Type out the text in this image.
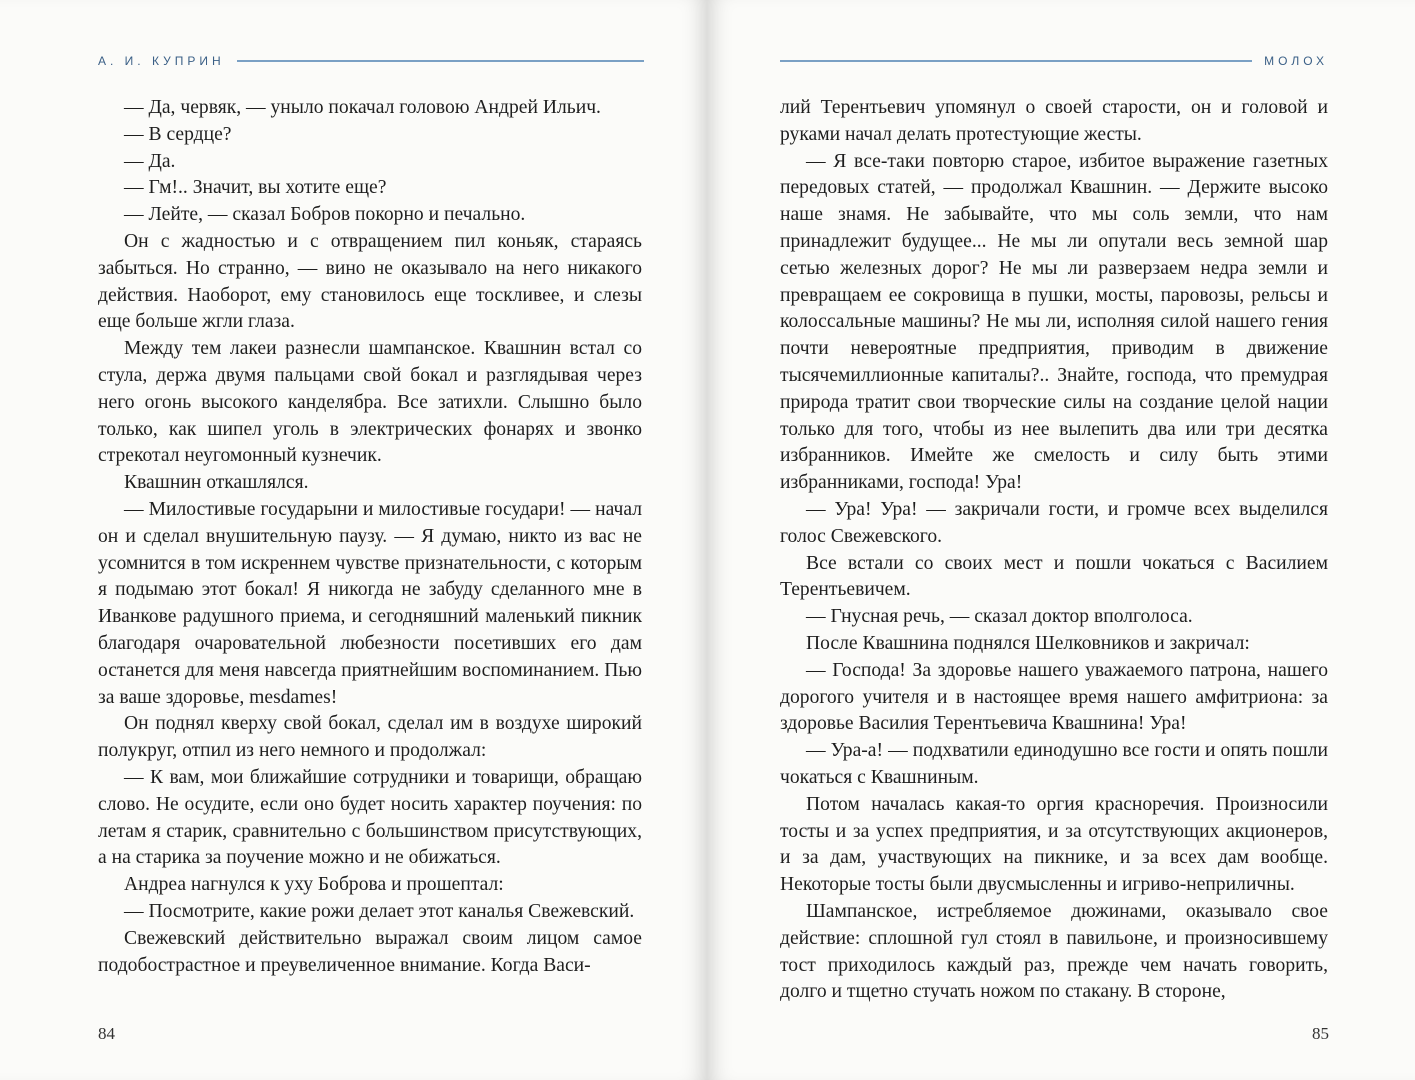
А. И. КУПРИН

— Да, червяк, — уныло покачал головою Андрей Ильич.

— В сердце?

— Да.

— Гм!.. Значит, вы хотите еще?

— Лейте, — сказал Бобров покорно и печально.

Он с жадностью и с отвращением пил коньяк, стараясь забыться. Но странно, — вино не оказывало на него никакого действия. Наоборот, ему становилось еще тоскливее, и слезы еще больше жгли глаза.

Между тем лакеи разнесли шампанское. Квашнин встал со стула, держа двумя пальцами свой бокал и разглядывая через него огонь высокого канделябра. Все затихли. Слышно было только, как шипел уголь в электрических фонарях и звонко стрекотал неугомонный кузнечик.

Квашнин откашлялся.

— Милостивые государыни и милостивые государи! — начал он и сделал внушительную паузу. — Я думаю, никто из вас не усомнится в том искреннем чувстве признательности, с которым я подымаю этот бокал! Я никогда не забуду сделанного мне в Иванкове радушного приема, и сегодняшний маленький пикник благодаря очаровательной любезности посетивших его дам останется для меня навсегда приятнейшим воспоминанием. Пью за ваше здоровье, mesdames!

Он поднял кверху свой бокал, сделал им в воздухе широкий полукруг, отпил из него немного и продолжал:

— К вам, мои ближайшие сотрудники и товарищи, обращаю слово. Не осудите, если оно будет носить характер поучения: по летам я старик, сравнительно с большинством присутствующих, а на старика за поучение можно и не обижаться.

Андреа нагнулся к уху Боброва и прошептал:

— Посмотрите, какие рожи делает этот каналья Свежевский.

Свежевский действительно выражал своим лицом самое подобострастное и преувеличенное внимание. Когда Васи-

84
МОЛОХ

лий Терентьевич упомянул о своей старости, он и головой и руками начал делать протестующие жесты.

— Я все-таки повторю старое, избитое выражение газетных передовых статей, — продолжал Квашнин. — Держите высоко наше знамя. Не забывайте, что мы соль земли, что нам принадлежит будущее... Не мы ли опутали весь земной шар сетью железных дорог? Не мы ли разверзаем недра земли и превращаем ее сокровища в пушки, мосты, паровозы, рельсы и колоссальные машины? Не мы ли, исполняя силой нашего гения почти невероятные предприятия, приводим в движение тысячемиллионные капиталы?.. Знайте, господа, что премудрая природа тратит свои творческие силы на создание целой нации только для того, чтобы из нее вылепить два или три десятка избранников. Имейте же смелость и силу быть этими избранниками, господа! Ура!

— Ура! Ура! — закричали гости, и громче всех выделился голос Свежевского.

Все встали со своих мест и пошли чокаться с Василием Терентьевичем.

— Гнусная речь, — сказал доктор вполголоса.

После Квашнина поднялся Шелковников и закричал:

— Господа! За здоровье нашего уважаемого патрона, нашего дорогого учителя и в настоящее время нашего амфитриона: за здоровье Василия Терентьевича Квашнина! Ура!

— Ура-а! — подхватили единодушно все гости и опять пошли чокаться с Квашниным.

Потом началась какая-то оргия красноречия. Произносили тосты и за успех предприятия, и за отсутствующих акционеров, и за дам, участвующих на пикнике, и за всех дам вообще. Некоторые тосты были двусмысленны и игриво-неприличны.

Шампанское, истребляемое дюжинами, оказывало свое действие: сплошной гул стоял в павильоне, и произносившему тост приходилось каждый раз, прежде чем начать говорить, долго и тщетно стучать ножом по стакану. В стороне,

85
